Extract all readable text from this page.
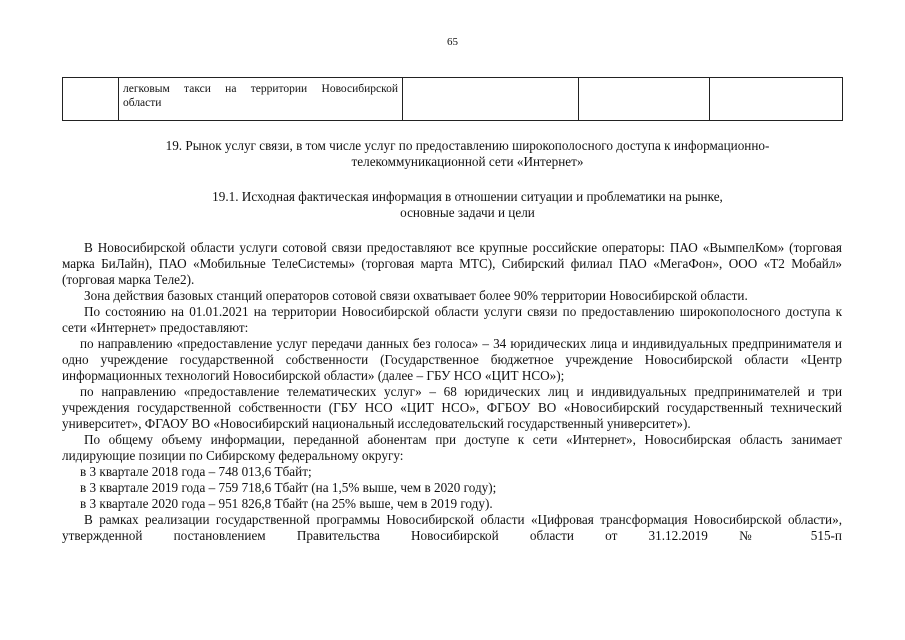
65

легковым такси на территории Новосибирской
области

19. Рынок услуг связи, в том числе услуг по предоставлению широкополосного доступа к информационно-
телекоммуникационной сети «Интернет»
19.1. Исходная фактическая информация в отношении ситуации и проблематики на рынке,
основные задачи и цели

В Новосибирской области услуги сотовой связи предоставляют все крупные российские операторы: ПАО «ВымпелКом» (торговая марка БиЛайн), ПАО «Мобильные ТелеСистемы» (торговая марта МТС), Сибирский филиал ПАО «МегаФон», ООО «Т2 Мобайл» (торговая марка Теле2).

Зона действия базовых станций операторов сотовой связи охватывает более 90% территории Новосибирской области.

По состоянию на 01.01.2021 на территории Новосибирской области услуги связи по предоставлению широкополосного доступа к сети «Интернет» предоставляют:

по направлению «предоставление услуг передачи данных без голоса» – 34 юридических лица и индивидуальных предпринимателя и одно учреждение государственной собственности (Государственное бюджетное учреждение Новосибирской области «Центр информационных технологий Новосибирской области» (далее – ГБУ НСО «ЦИТ НСО»);

по направлению «предоставление телематических услуг» – 68 юридических лиц и индивидуальных предпринимателей и три учреждения государственной собственности (ГБУ НСО «ЦИТ НСО», ФГБОУ ВО «Новосибирский государственный технический университет», ФГАОУ ВО «Новосибирский национальный исследовательский государственный университет»).

По общему объему информации, переданной абонентам при доступе к сети «Интернет», Новосибирская область занимает лидирующие позиции по Сибирскому федеральному округу:

в 3 квартале 2018 года – 748 013,6 Тбайт;

в 3 квартале 2019 года – 759 718,6 Тбайт (на 1,5% выше, чем в 2020 году);

в 3 квартале 2020 года – 951 826,8 Тбайт (на 25% выше, чем в 2019 году).

В рамках реализации государственной программы Новосибирской области «Цифровая трансформация Новосибирской области», утвержденной постановлением Правительства Новосибирской области от 31.12.2019 № 515-п
